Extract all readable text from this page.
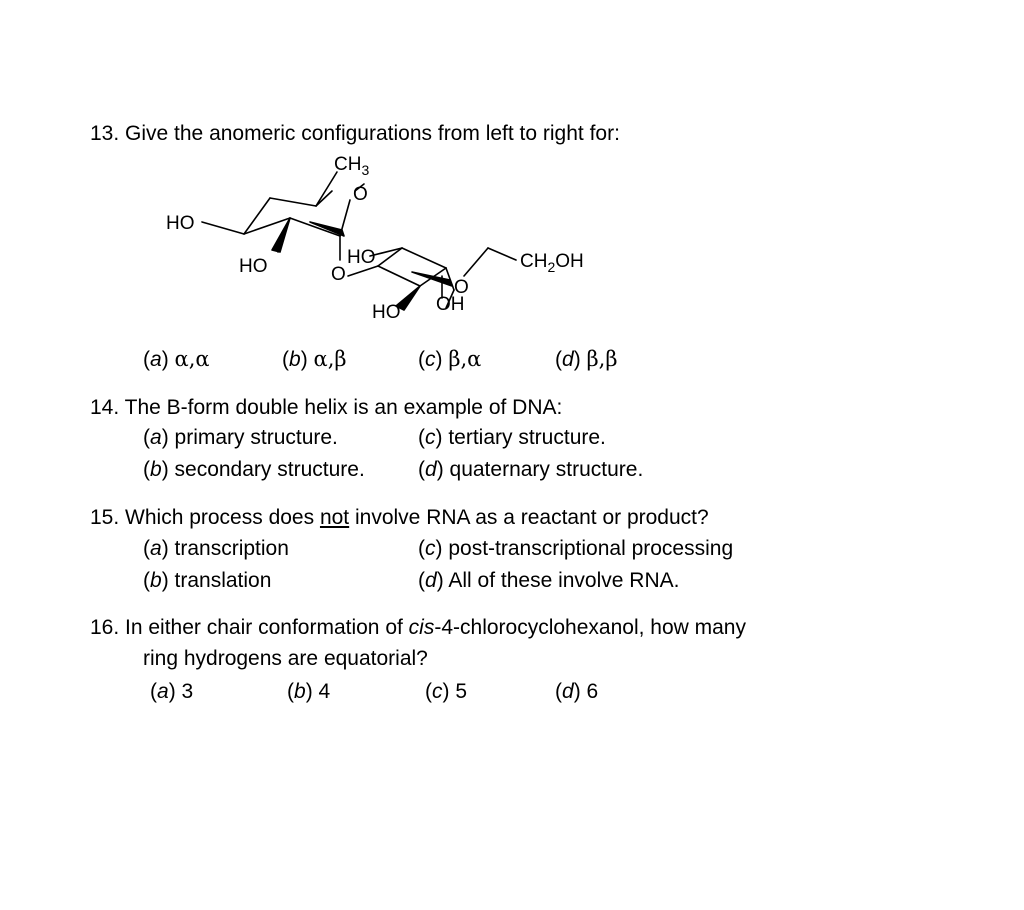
13. Give the anomeric configurations from left to right for:
$CH_3$
O
HO
HO	O
HO	$CH_2OH$
O
HO OH
(a) α,α	(b) α,β	(c) β,α	(d) β,β
14. The B-form double helix is an example of DNA:
(a) primary structure.	(c) tertiary structure.
(b) secondary structure.	(d) quaternary structure.
15. Which process does not involve RNA as a reactant or product?
(a) transcription	(c) post-transcriptional processing
(b) translation	(d) All of these involve RNA.
16. In either chair conformation of cis-4-chlorocyclohexanol, how many
ring hydrogens are equatorial?
(a) 3	(b) 4	(c) 5	(d) 6
